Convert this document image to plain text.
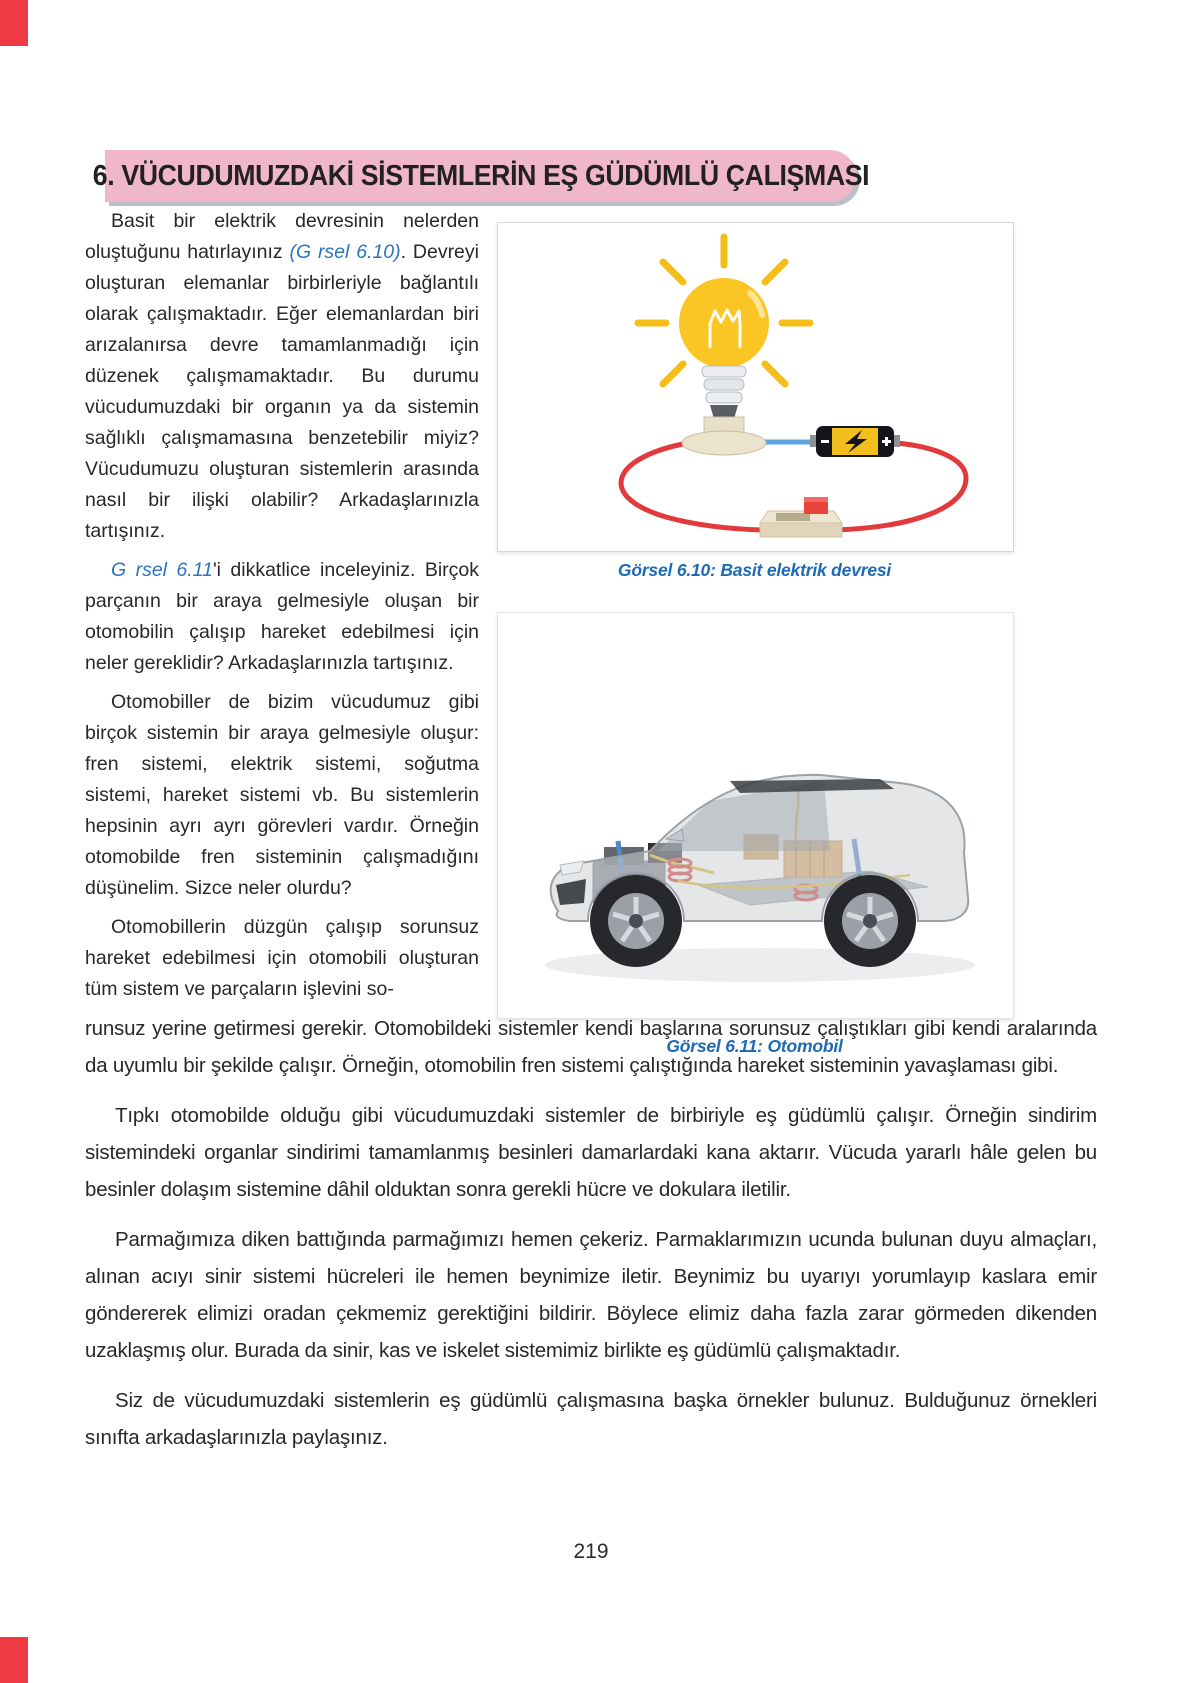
6. VÜCUDUMUZDAKİ SİSTEMLERİN EŞ GÜDÜMLÜ ÇALIŞMASI
Basit bir elektrik devresinin nelerden oluştuğunu hatırlayınız (G rsel 6.10). Devreyi oluşturan elemanlar birbirleriyle bağlantılı olarak çalışmaktadır. Eğer elemanlardan biri arızalanırsa devre tamamlanmadığı için düzenek çalışmamaktadır. Bu durumu vücudumuzdaki bir organın ya da sistemin sağlıklı çalışmamasına benzetebilir miyiz? Vücudumuzu oluşturan sistemlerin arasında nasıl bir ilişki olabilir? Arkadaşlarınızla tartışınız.
G rsel 6.11'i dikkatlice inceleyiniz. Birçok parçanın bir araya gelmesiyle oluşan bir otomobilin çalışıp hareket edebilmesi için neler gereklidir? Arkadaşlarınızla tartışınız.
Otomobiller de bizim vücudumuz gibi birçok sistemin bir araya gelmesiyle oluşur: fren sistemi, elektrik sistemi, soğutma sistemi, hareket sistemi vb. Bu sistemlerin hepsinin ayrı ayrı görevleri vardır. Örneğin otomobilde fren sisteminin çalışmadığını düşünelim. Sizce neler olurdu?
Otomobillerin düzgün çalışıp sorunsuz hareket edebilmesi için otomobili oluşturan tüm sistem ve parçaların işlevini so-
Görsel 6.10: Basit elektrik devresi
Görsel 6.11: Otomobil
runsuz yerine getirmesi gerekir. Otomobildeki sistemler kendi başlarına sorunsuz çalıştıkları gibi kendi aralarında da uyumlu bir şekilde çalışır. Örneğin, otomobilin fren sistemi çalıştığında hareket sisteminin yavaşlaması gibi.
Tıpkı otomobilde olduğu gibi vücudumuzdaki sistemler de birbiriyle eş güdümlü çalışır. Örneğin sindirim sistemindeki organlar sindirimi tamamlanmış besinleri damarlardaki kana aktarır. Vücuda yararlı hâle gelen bu besinler dolaşım sistemine dâhil olduktan sonra gerekli hücre ve dokulara iletilir.
Parmağımıza diken battığında parmağımızı hemen çekeriz. Parmaklarımızın ucunda bulunan duyu almaçları, alınan acıyı sinir sistemi hücreleri ile hemen beynimize iletir. Beynimiz bu uyarıyı yorumlayıp kaslara emir göndererek elimizi oradan çekmemiz gerektiğini bildirir. Böylece elimiz daha fazla zarar görmeden dikenden uzaklaşmış olur. Burada da sinir, kas ve iskelet sistemimiz birlikte eş güdümlü çalışmaktadır.
Siz de vücudumuzdaki sistemlerin eş güdümlü çalışmasına başka örnekler bulunuz. Bulduğunuz örnekleri sınıfta arkadaşlarınızla paylaşınız.
219
